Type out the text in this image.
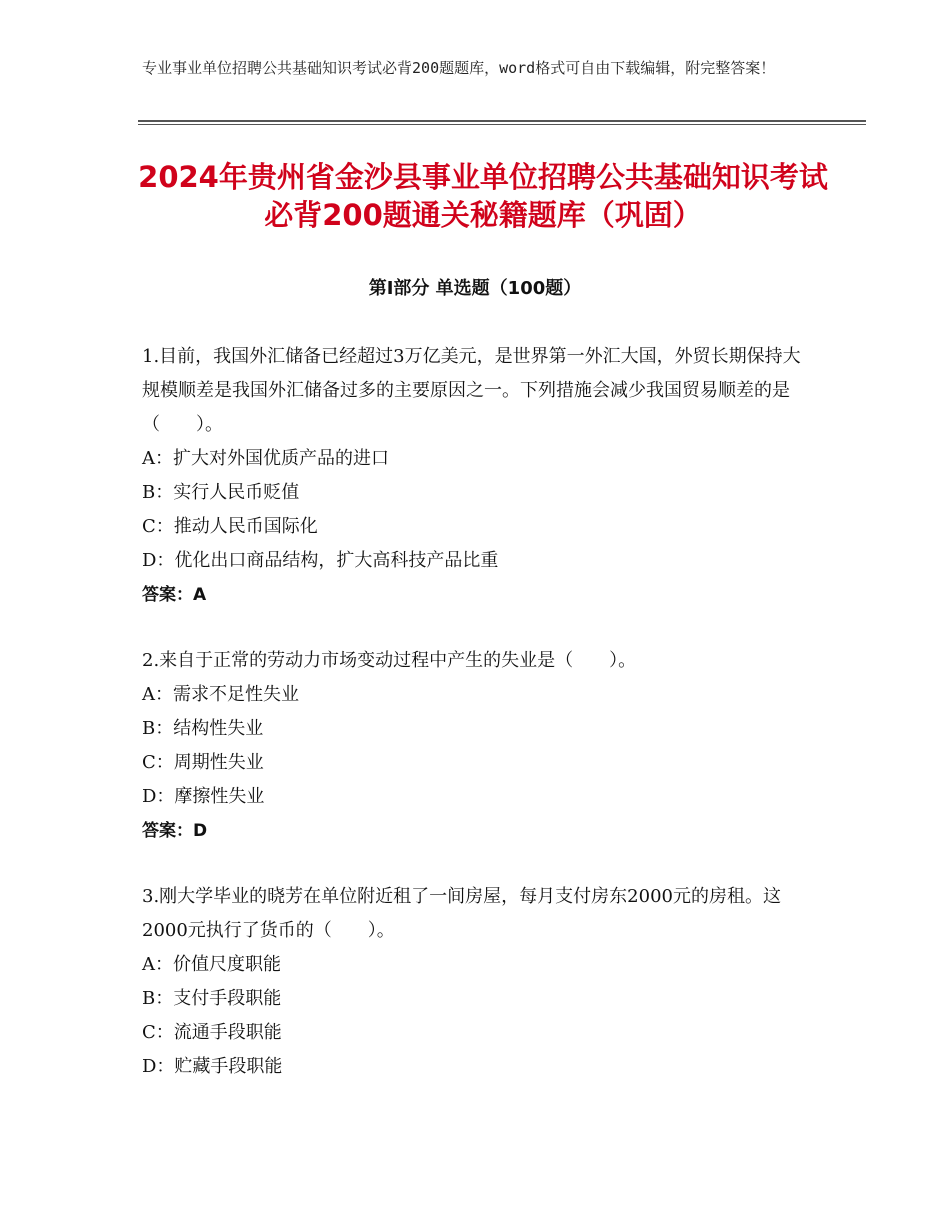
专业事业单位招聘公共基础知识考试必背200题题库，word格式可自由下载编辑，附完整答案！
2024年贵州省金沙县事业单位招聘公共基础知识考试必背200题通关秘籍题库（巩固）
第Ⅰ部分 单选题（100题）
1.目前，我国外汇储备已经超过3万亿美元，是世界第一外汇大国，外贸长期保持大规模顺差是我国外汇储备过多的主要原因之一。下列措施会减少我国贸易顺差的是（　　）。
A：扩大对外国优质产品的进口
B：实行人民币贬值
C：推动人民币国际化
D：优化出口商品结构，扩大高科技产品比重
答案：A
2.来自于正常的劳动力市场变动过程中产生的失业是（　　）。
A：需求不足性失业
B：结构性失业
C：周期性失业
D：摩擦性失业
答案：D
3.刚大学毕业的晓芳在单位附近租了一间房屋，每月支付房东2000元的房租。这2000元执行了货币的（　　）。
A：价值尺度职能
B：支付手段职能
C：流通手段职能
D：贮藏手段职能
